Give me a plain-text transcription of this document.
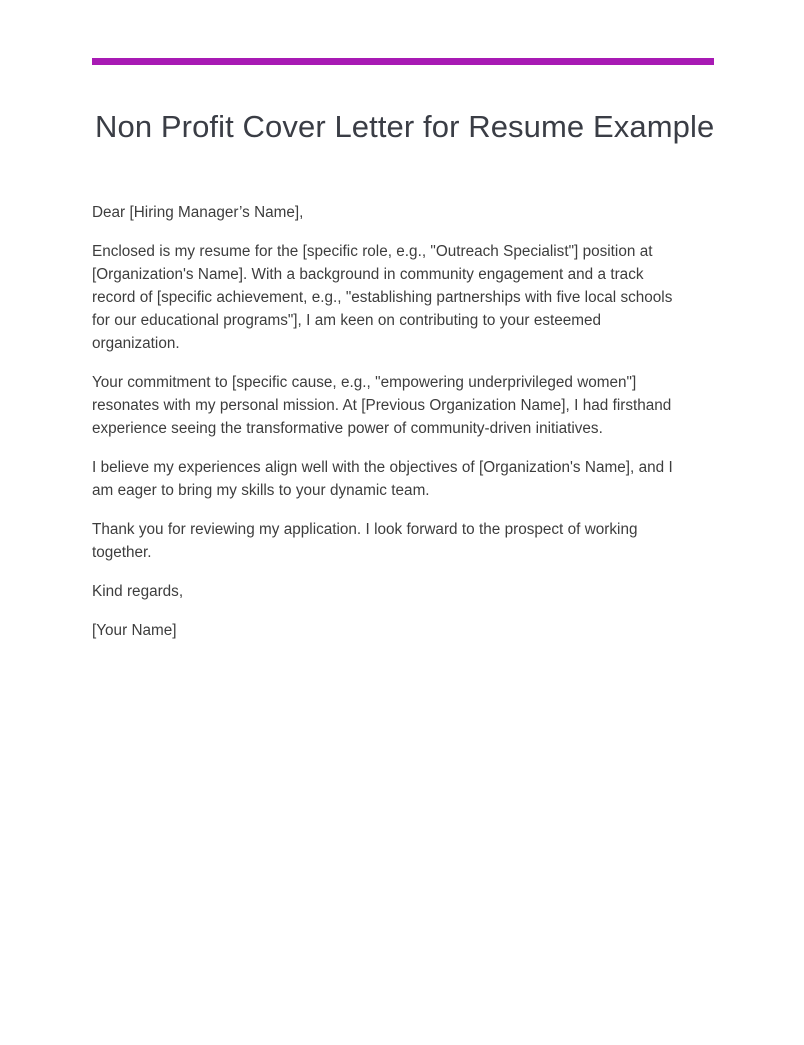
Non Profit Cover Letter for Resume Example

Dear [Hiring Manager’s Name],

Enclosed is my resume for the [specific role, e.g., "Outreach Specialist"] position at [Organization's Name]. With a background in community engagement and a track record of [specific achievement, e.g., "establishing partnerships with five local schools for our educational programs"], I am keen on contributing to your esteemed organization.

Your commitment to [specific cause, e.g., "empowering underprivileged women"] resonates with my personal mission. At [Previous Organization Name], I had firsthand experience seeing the transformative power of community-driven initiatives.

I believe my experiences align well with the objectives of [Organization's Name], and I am eager to bring my skills to your dynamic team.

Thank you for reviewing my application. I look forward to the prospect of working together.

Kind regards,

[Your Name]
